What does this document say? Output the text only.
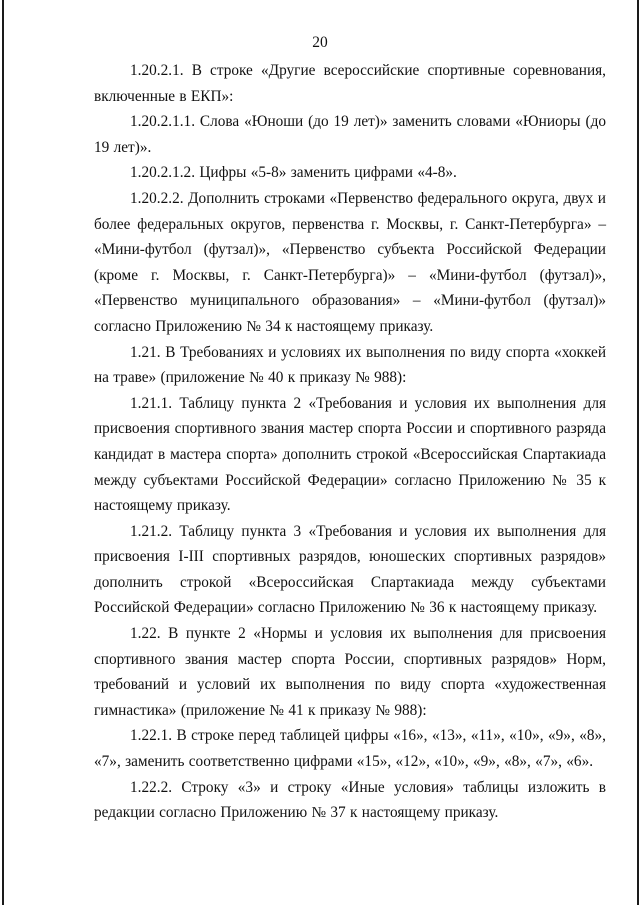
20

1.20.2.1. В строке «Другие всероссийские спортивные соревнования, включенные в ЕКП»:

1.20.2.1.1. Слова «Юноши (до 19 лет)» заменить словами «Юниоры (до 19 лет)».

1.20.2.1.2. Цифры «5-8» заменить цифрами «4-8».

1.20.2.2. Дополнить строками «Первенство федерального округа, двух и более федеральных округов, первенства г. Москвы, г. Санкт-Петербурга» – «Мини-футбол (футзал)», «Первенство субъекта Российской Федерации (кроме г. Москвы, г. Санкт-Петербурга)» – «Мини-футбол (футзал)», «Первенство муниципального образования» – «Мини-футбол (футзал)» согласно Приложению № 34 к настоящему приказу.

1.21. В Требованиях и условиях их выполнения по виду спорта «хоккей на траве» (приложение № 40 к приказу № 988):

1.21.1. Таблицу пункта 2 «Требования и условия их выполнения для присвоения спортивного звания мастер спорта России и спортивного разряда кандидат в мастера спорта» дополнить строкой «Всероссийская Спартакиада между субъектами Российской Федерации» согласно Приложению № 35 к настоящему приказу.

1.21.2. Таблицу пункта 3 «Требования и условия их выполнения для присвоения I-III спортивных разрядов, юношеских спортивных разрядов» дополнить строкой «Всероссийская Спартакиада между субъектами Российской Федерации» согласно Приложению № 36 к настоящему приказу.

1.22. В пункте 2 «Нормы и условия их выполнения для присвоения спортивного звания мастер спорта России, спортивных разрядов» Норм, требований и условий их выполнения по виду спорта «художественная гимнастика» (приложение № 41 к приказу № 988):

1.22.1. В строке перед таблицей цифры «16», «13», «11», «10», «9», «8», «7», заменить соответственно цифрами «15», «12», «10», «9», «8», «7», «6».

1.22.2. Строку «3» и строку «Иные условия» таблицы изложить в редакции согласно Приложению № 37 к настоящему приказу.
